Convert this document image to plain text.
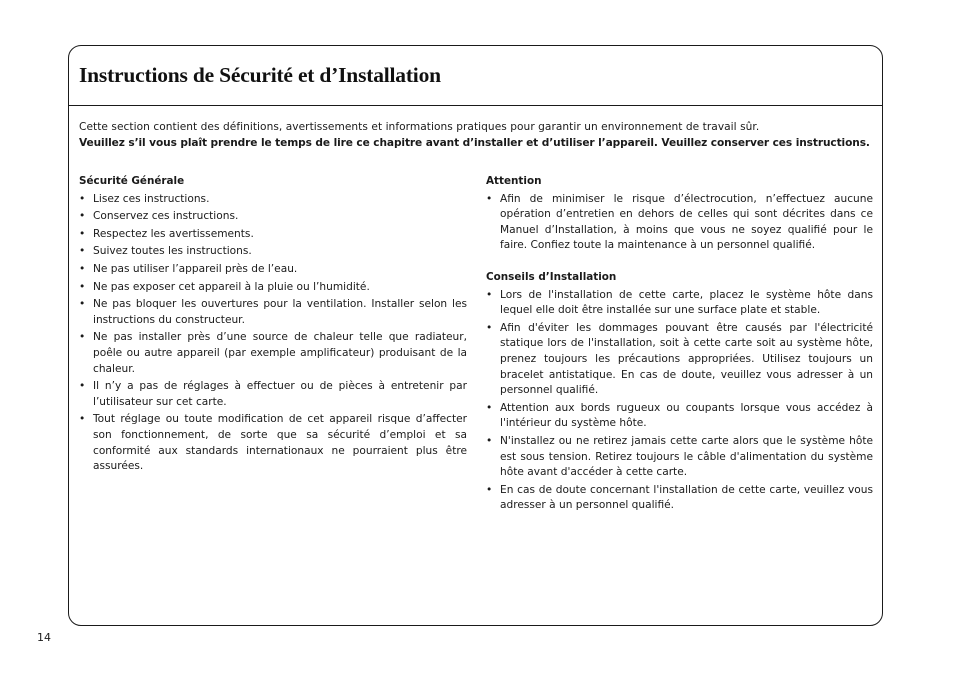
Instructions de Sécurité et d’Installation

Cette section contient des définitions, avertissements et informations pratiques pour garantir un environnement de travail sûr.

Veuillez s’il vous plaît prendre le temps de lire ce chapitre avant d’installer et d’utiliser l’appareil. Veuillez conserver ces instructions.

Sécurité Générale
• Lisez ces instructions.
• Conservez ces instructions.
• Respectez les avertissements.
• Suivez toutes les instructions.
• Ne pas utiliser l’appareil près de l’eau.
• Ne pas exposer cet appareil à la pluie ou l’humidité.
• Ne pas bloquer les ouvertures pour la ventilation. Installer selon les instructions du constructeur.
• Ne pas installer près d’une source de chaleur telle que radiateur, poêle ou autre appareil (par exemple amplificateur) produisant de la chaleur.
• Il n’y a pas de réglages à effectuer ou de pièces à entretenir par l’utilisateur sur cet carte.
• Tout réglage ou toute modification de cet appareil risque d’affecter son fonctionnement, de sorte que sa sécurité d’emploi et sa conformité aux standards internationaux ne pourraient plus être assurées.
Attention
• Afin de minimiser le risque d’électrocution, n’effectuez aucune opération d’entretien en dehors de celles qui sont décrites dans ce Manuel d’Installation, à moins que vous ne soyez qualifié pour le faire. Confiez toute la maintenance à un personnel qualifié.
Conseils d’Installation
• Lors de l'installation de cette carte, placez le système hôte dans lequel elle doit être installée sur une surface plate et stable.
• Afin d'éviter les dommages pouvant être causés par l'électricité statique lors de l'installation, soit à cette carte soit au système hôte, prenez toujours les précautions appropriées. Utilisez toujours un bracelet antistatique. En cas de doute, veuillez vous adresser à un personnel qualifié.
• Attention aux bords rugueux ou coupants lorsque vous accédez à l'intérieur du système hôte.
• N'installez ou ne retirez jamais cette carte alors que le système hôte est sous tension. Retirez toujours le câble d'alimentation du système hôte avant d'accéder à cette carte.
• En cas de doute concernant l'installation de cette carte, veuillez vous adresser à un personnel qualifié.
14
